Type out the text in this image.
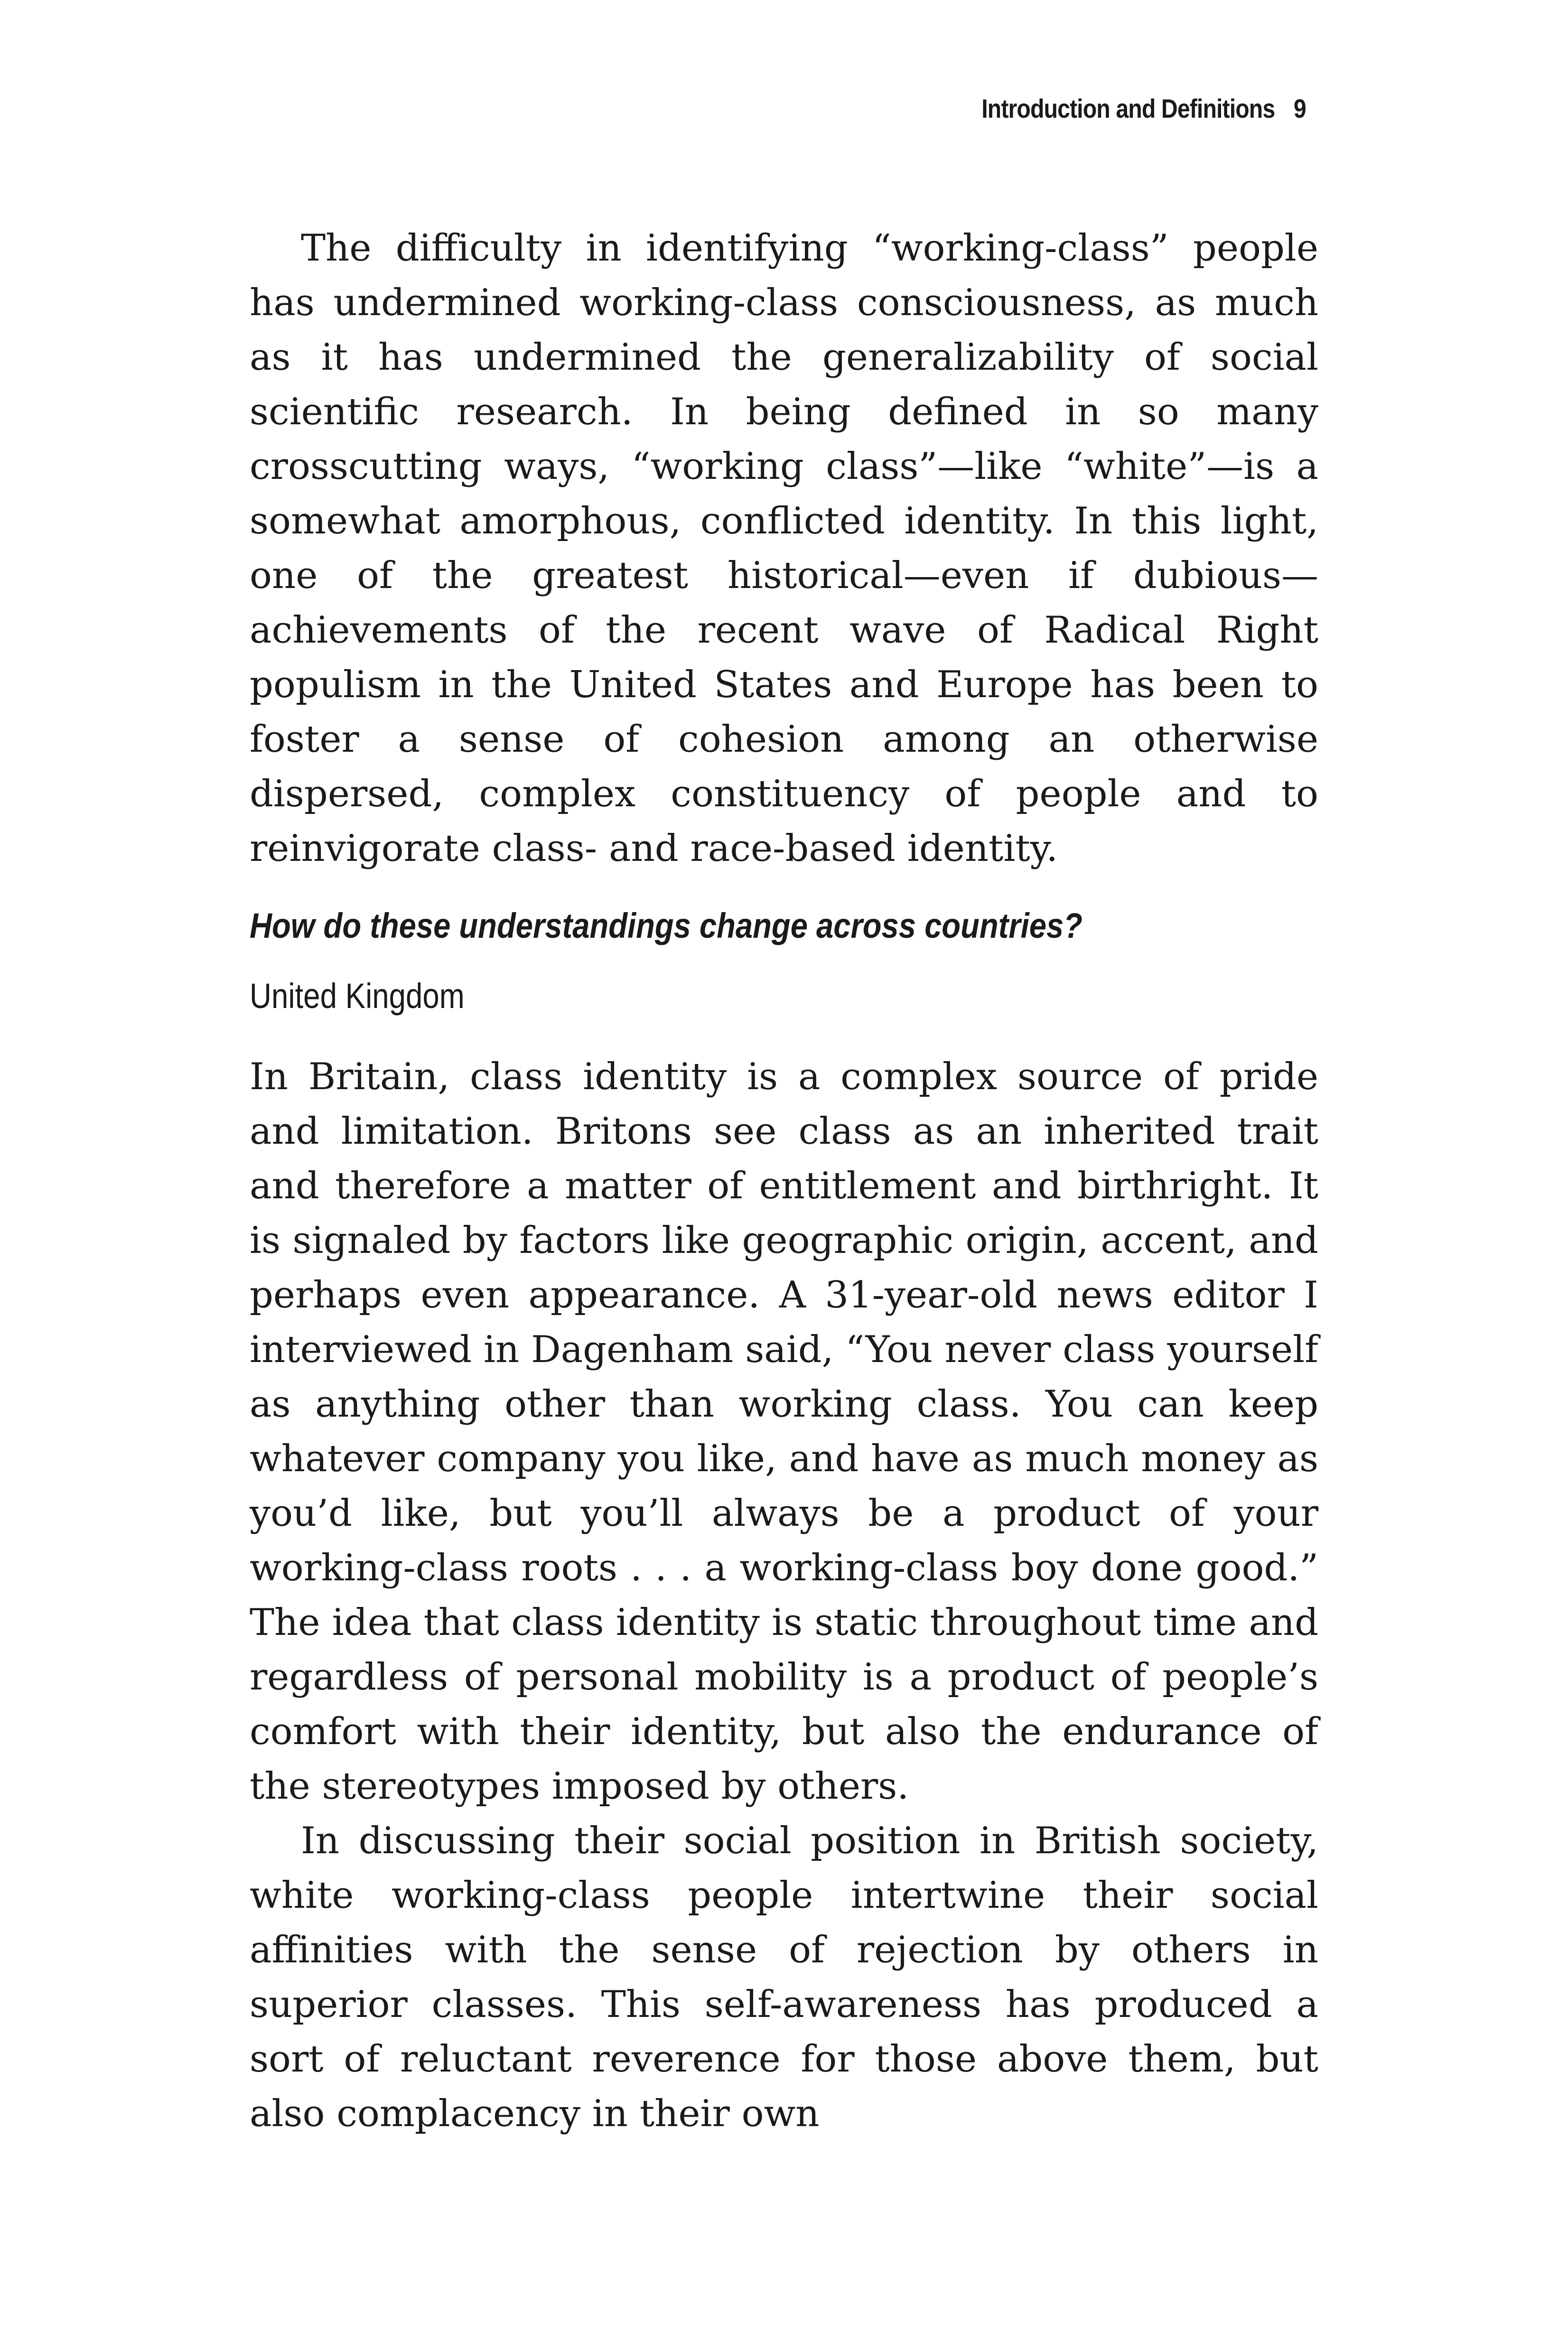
Introduction and Definitions 9

The difficulty in identifying “working-class” people has undermined working-class consciousness, as much as it has undermined the generalizability of social scientific research. In being defined in so many crosscutting ways, “working class”—like “white”—is a somewhat amorphous, conflicted identity. In this light, one of the greatest historical—even if dubious—achievements of the recent wave of Radical Right populism in the United States and Europe has been to foster a sense of cohesion among an otherwise dispersed, complex constituency of people and to reinvigorate class- and race-based identity.

How do these understandings change across countries?
United Kingdom

In Britain, class identity is a complex source of pride and limitation. Britons see class as an inherited trait and therefore a matter of entitlement and birthright. It is signaled by factors like geographic origin, accent, and perhaps even appearance. A 31-year-old news editor I interviewed in Dagenham said, “You never class yourself as anything other than working class. You can keep whatever company you like, and have as much money as you’d like, but you’ll always be a product of your working-class roots . . . a working-class boy done good.” The idea that class identity is static throughout time and regardless of personal mobility is a product of people’s comfort with their identity, but also the endurance of the stereotypes imposed by others.

In discussing their social position in British society, white working-class people intertwine their social affinities with the sense of rejection by others in superior classes. This self-awareness has produced a sort of reluctant reverence for those above them, but also complacency in their own
